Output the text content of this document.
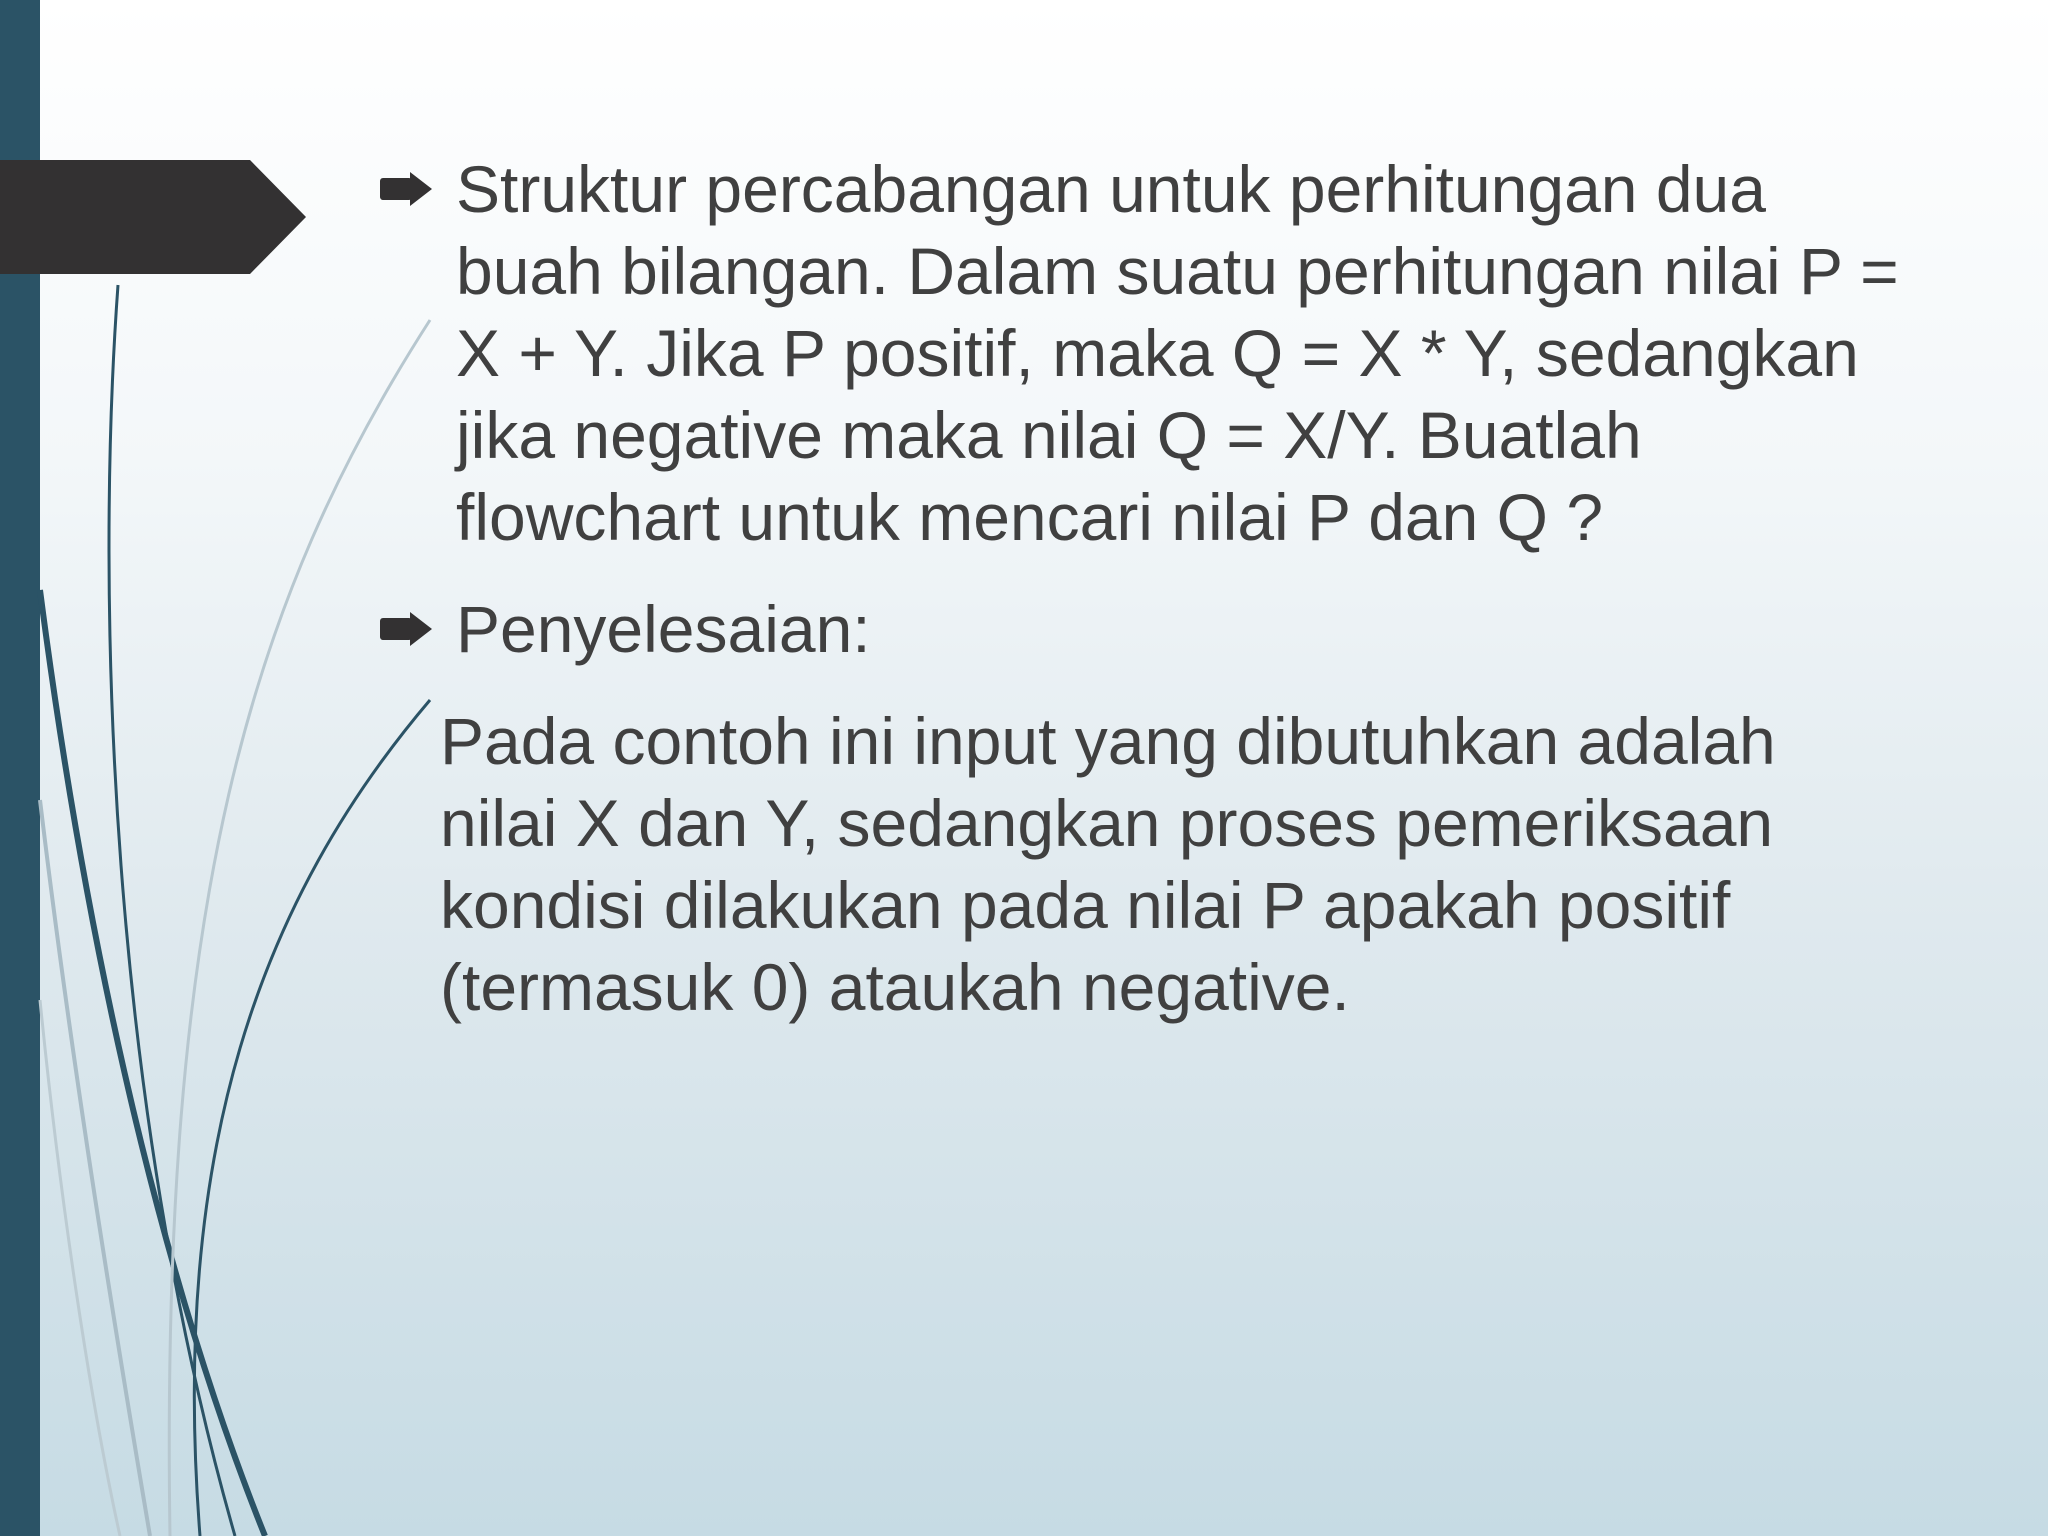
Struktur percabangan untuk perhitungan dua
buah bilangan. Dalam suatu perhitungan nilai P =
X + Y. Jika P positif, maka Q = X * Y, sedangkan
jika negative maka nilai Q = X/Y. Buatlah
flowchart untuk mencari nilai P dan Q ?
Penyelesaian:
Pada contoh ini input yang dibutuhkan adalah
nilai X dan Y, sedangkan proses pemeriksaan
kondisi dilakukan pada nilai P apakah positif
(termasuk 0) ataukah negative.
